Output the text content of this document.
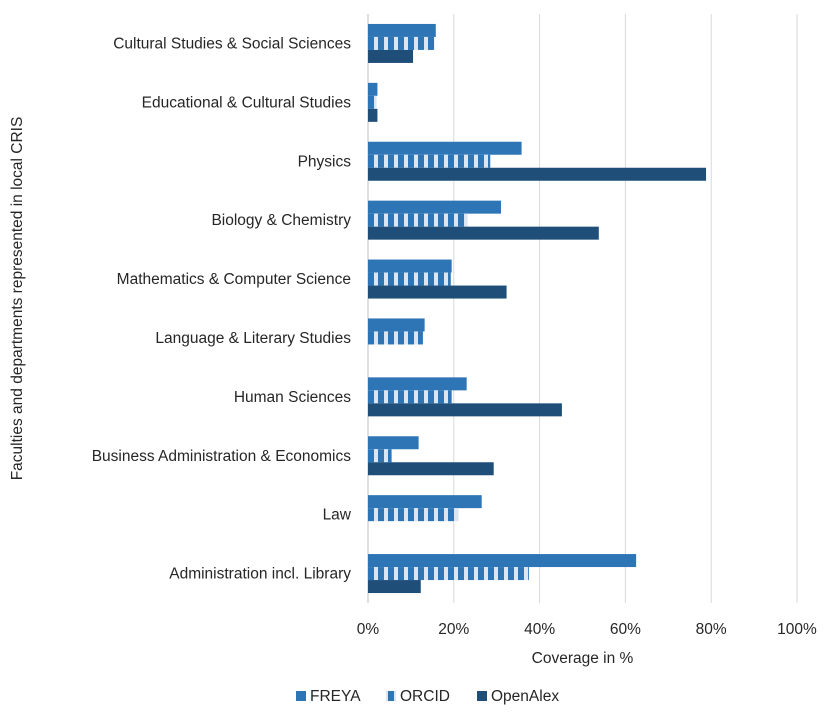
Cultural Studies & Social Sciences
Educational & Cultural Studies
Physics
Biology & Chemistry
Mathematics & Computer Science
Language & Literary Studies
Human Sciences
Business Administration & Economics
Law
Administration incl. Library
0%	20%	40%	60%	80%	100%
Coverage in %
Faculties and departments represented in local CRIS
FREYA	ORCID	OpenAlex
